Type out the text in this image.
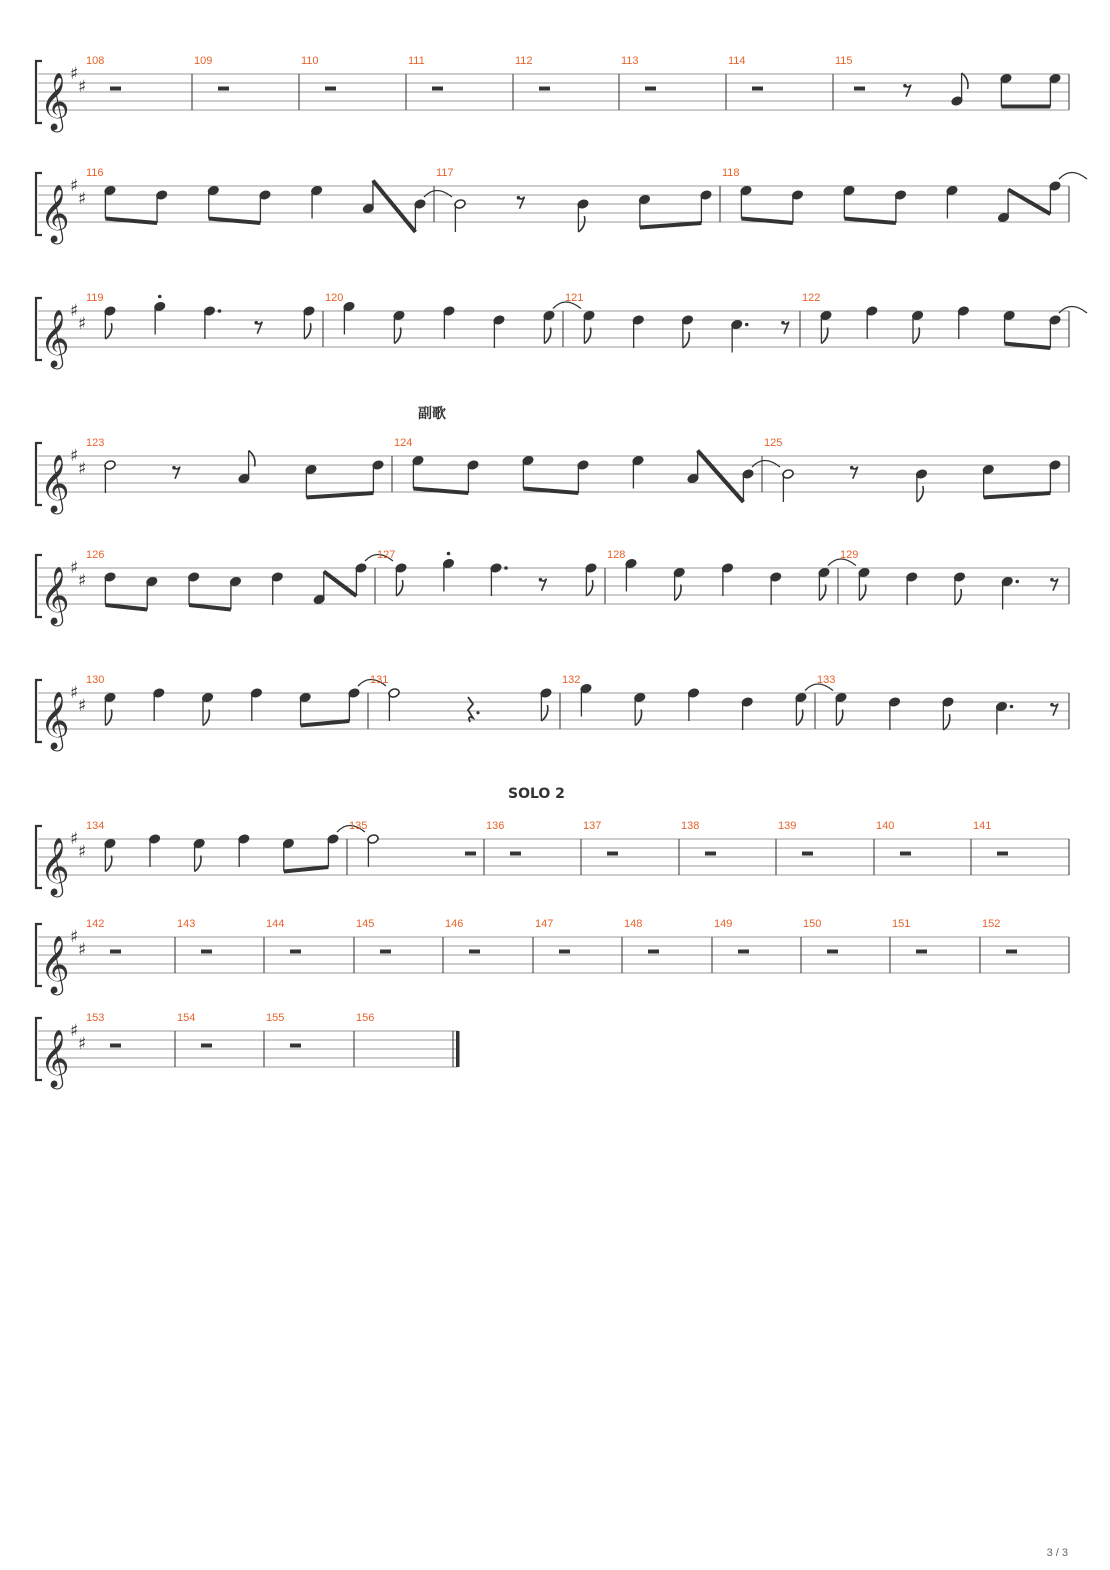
𝄞 ♯
♯
108	109	110	111	112	113	114	115
𝄞 ♯
♯
116	117	118
𝄞 ♯
♯
119	120	121	122
𝄞 ♯
♯
123	124	125
𝄞 ♯
♯
126	127	128	129
𝄞 ♯
♯
130	131	132	133
𝄞 ♯
♯
134	135	136	137	138	139	140	141
𝄞 ♯
♯
142	143	144	145	146	147	148	149	150	151	152
𝄞 ♯
♯
153	154	155	156
副歌
SOLO 2
3 / 3
